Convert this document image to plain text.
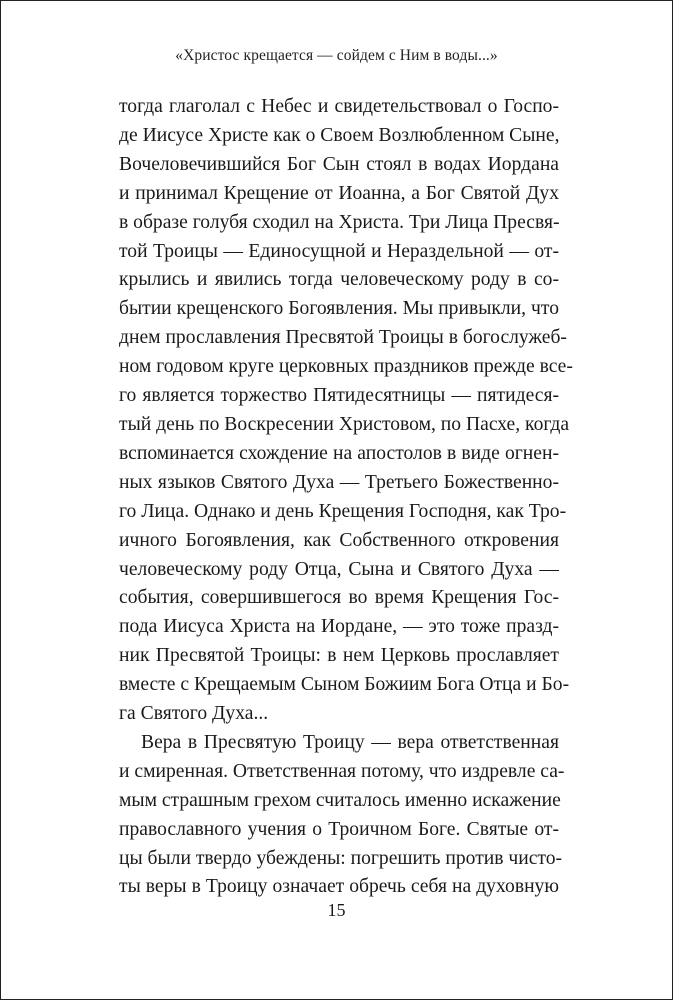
«Христос крещается — сойдем с Ним в воды...»
тогда глаголал с Небес и свидетельствовал о Госпо-
де Иисусе Христе как о Своем Возлюбленном Сыне,
Вочеловечившийся Бог Сын стоял в водах Иордана
и принимал Крещение от Иоанна, а Бог Святой Дух
в образе голубя сходил на Христа. Три Лица Пресвя-
той Троицы — Единосущной и Нераздельной — от-
крылись и явились тогда человеческому роду в со-
бытии крещенского Богоявления. Мы привыкли, что
днем прославления Пресвятой Троицы в богослужеб-
ном годовом круге церковных праздников прежде все-
го является торжество Пятидесятницы — пятидеся-
тый день по Воскресении Христовом, по Пасхе, когда
вспоминается схождение на апостолов в виде огнен-
ных языков Святого Духа — Третьего Божественно-
го Лица. Однако и день Крещения Господня, как Тро-
ичного Богоявления, как Собственного откровения
человеческому роду Отца, Сына и Святого Духа —
события, совершившегося во время Крещения Гос-
пода Иисуса Христа на Иордане, — это тоже празд-
ник Пресвятой Троицы: в нем Церковь прославляет
вместе с Крещаемым Сыном Божиим Бога Отца и Бо-
га Святого Духа...
Вера в Пресвятую Троицу — вера ответственная
и смиренная. Ответственная потому, что издревле са-
мым страшным грехом считалось именно искажение
православного учения о Троичном Боге. Святые от-
цы были твердо убеждены: погрешить против чисто-
ты веры в Троицу означает обречь себя на духовную
15
